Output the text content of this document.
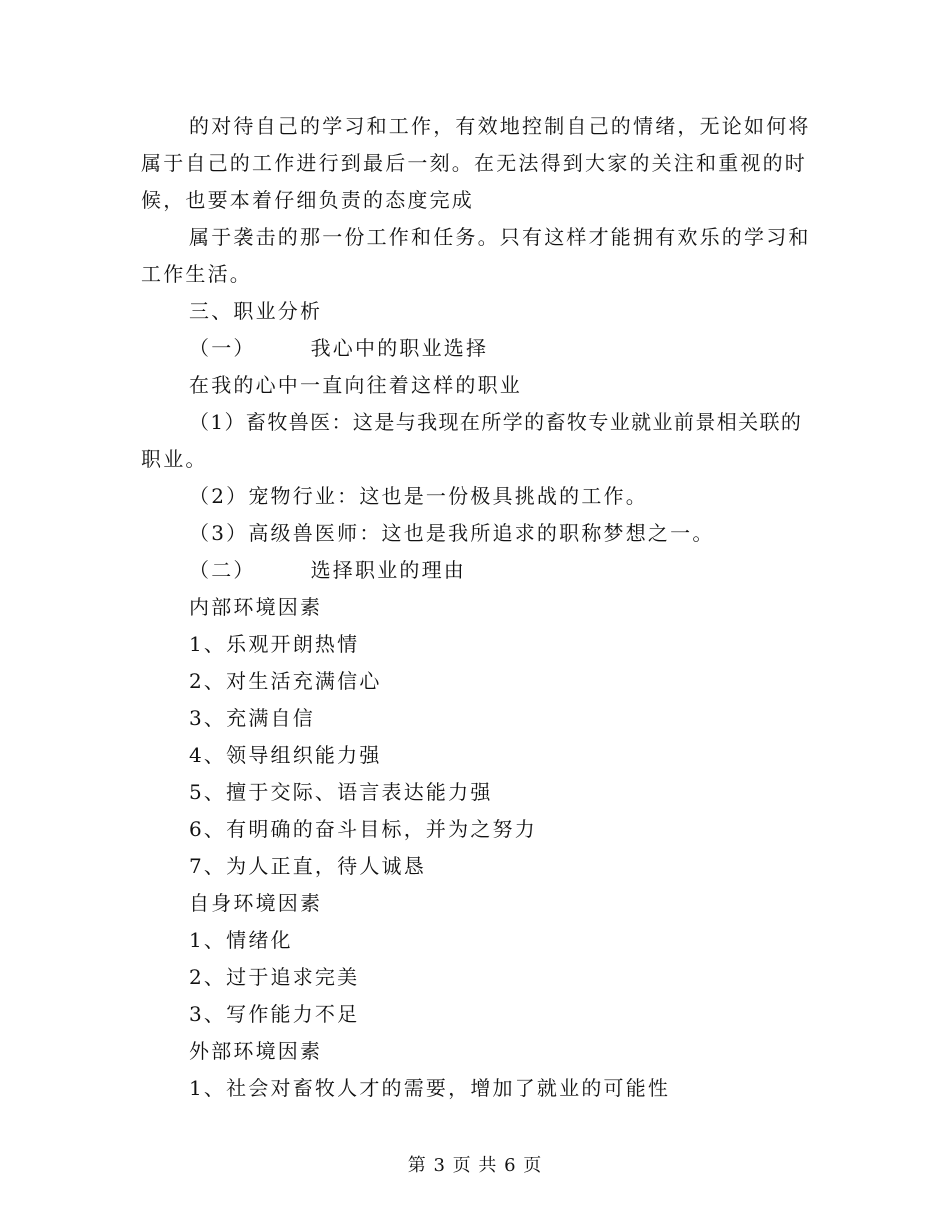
的对待自己的学习和工作，有效地控制自己的情绪，无论如何将
属于自己的工作进行到最后一刻。在无法得到大家的关注和重视的时
候，也要本着仔细负责的态度完成
属于袭击的那一份工作和任务。只有这样才能拥有欢乐的学习和
工作生活。
三、职业分析
（一）	我心中的职业选择
在我的心中一直向往着这样的职业
（1）畜牧兽医：这是与我现在所学的畜牧专业就业前景相关联的
职业。
（2）宠物行业：这也是一份极具挑战的工作。
（3）高级兽医师：这也是我所追求的职称梦想之一。
（二）	选择职业的理由
内部环境因素
1、乐观开朗热情
2、对生活充满信心
3、充满自信
4、领导组织能力强
5、擅于交际、语言表达能力强
6、有明确的奋斗目标，并为之努力
7、为人正直，待人诚恳
自身环境因素
1、情绪化
2、过于追求完美
3、写作能力不足
外部环境因素
1、社会对畜牧人才的需要，增加了就业的可能性
第 3 页 共 6 页
